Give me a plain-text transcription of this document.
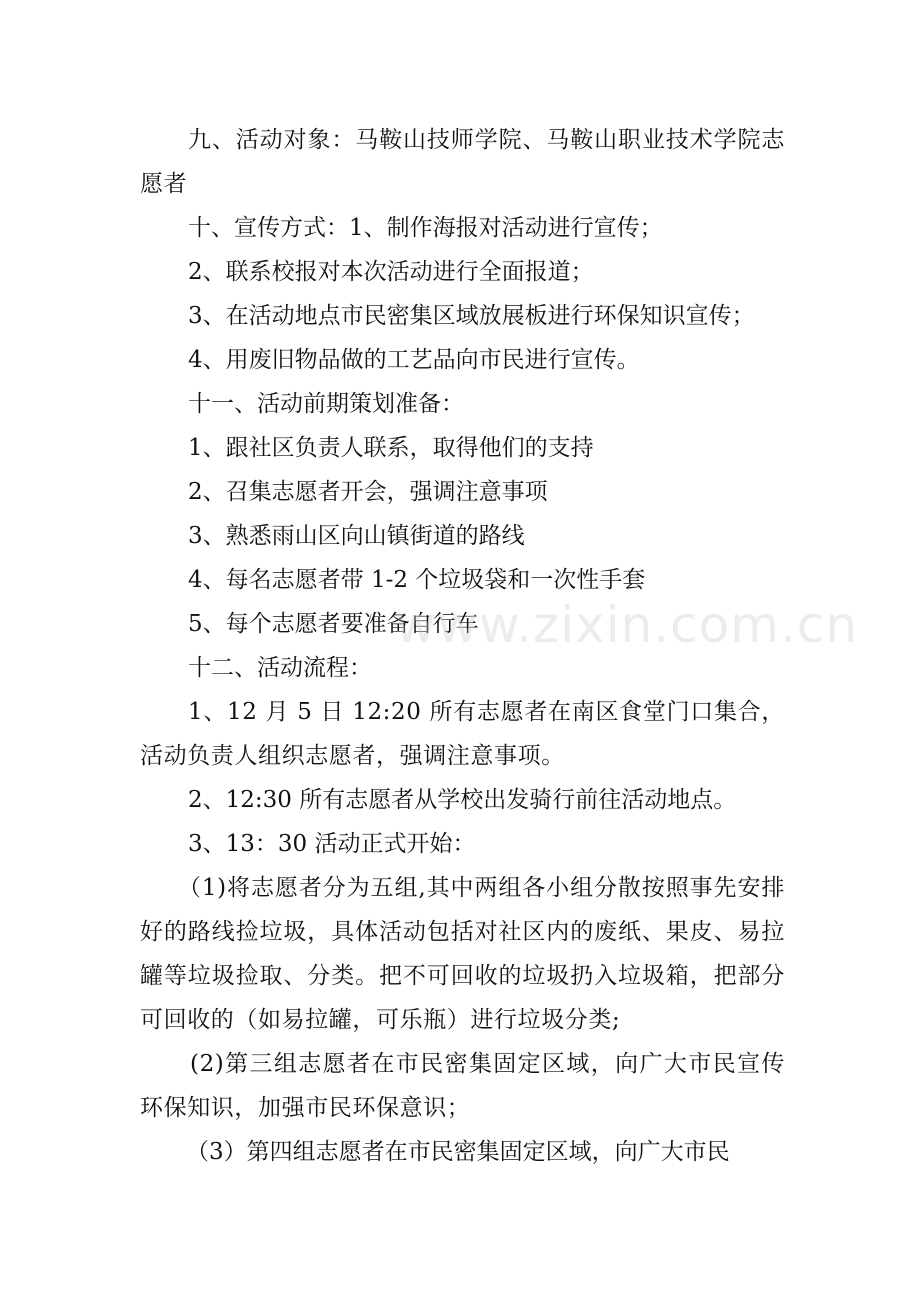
九、活动对象：马鞍山技师学院、马鞍山职业技术学院志愿者

十、宣传方式：1、制作海报对活动进行宣传；

2、联系校报对本次活动进行全面报道；

3、在活动地点市民密集区域放展板进行环保知识宣传；

4、用废旧物品做的工艺品向市民进行宣传。

十一、活动前期策划准备：

1、跟社区负责人联系，取得他们的支持

2、召集志愿者开会，强调注意事项

3、熟悉雨山区向山镇街道的路线

4、每名志愿者带 1-2 个垃圾袋和一次性手套

5、每个志愿者要准备自行车

十二、活动流程：

1、12 月 5 日 12:20 所有志愿者在南区食堂门口集合，活动负责人组织志愿者，强调注意事项。

2、12:30 所有志愿者从学校出发骑行前往活动地点。

3、13：30 活动正式开始：

（1)将志愿者分为五组,其中两组各小组分散按照事先安排好的路线捡垃圾，具体活动包括对社区内的废纸、果皮、易拉罐等垃圾捡取、分类。把不可回收的垃圾扔入垃圾箱，把部分可回收的（如易拉罐，可乐瓶）进行垃圾分类;

(2)第三组志愿者在市民密集固定区域，向广大市民宣传环保知识，加强市民环保意识；

（3）第四组志愿者在市民密集固定区域，向广大市民

www.zixin.com.cn
